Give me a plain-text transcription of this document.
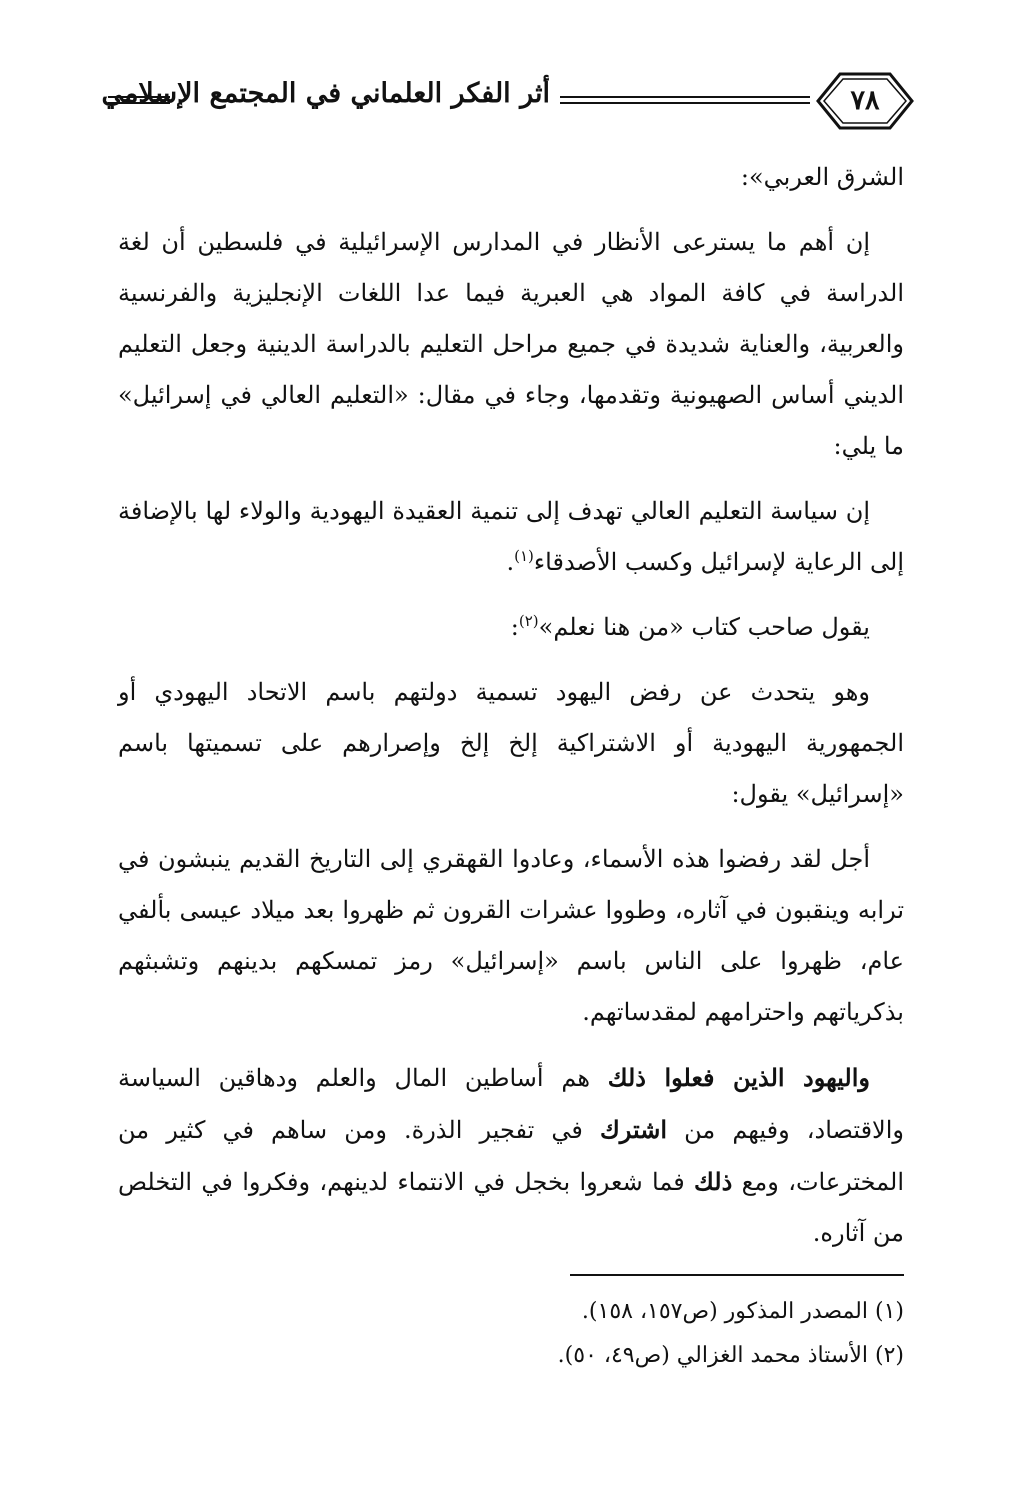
أثر الفكر العلماني في المجتمع الإسلامي	٧٨

الشرق العربي»:

إن أهم ما يسترعى الأنظار في المدارس الإسرائيلية في فلسطين أن لغة الدراسة في كافة المواد هي العبرية فيما عدا اللغات الإنجليزية والفرنسية والعربية، والعناية شديدة في جميع مراحل التعليم بالدراسة الدينية وجعل التعليم الديني أساس الصهيونية وتقدمها، وجاء في مقال: «التعليم العالي في إسرائيل» ما يلي:

إن سياسة التعليم العالي تهدف إلى تنمية العقيدة اليهودية والولاء لها بالإضافة إلى الرعاية لإسرائيل وكسب الأصدقاء$^{(١)}$.

يقول صاحب كتاب «من هنا نعلم»$^{(٢)}$:

وهو يتحدث عن رفض اليهود تسمية دولتهم باسم الاتحاد اليهودي أو الجمهورية اليهودية أو الاشتراكية إلخ إلخ وإصرارهم على تسميتها باسم «إسرائيل» يقول:

أجل لقد رفضوا هذه الأسماء، وعادوا القهقري إلى التاريخ القديم ينبشون في ترابه وينقبون في آثاره، وطووا عشرات القرون ثم ظهروا بعد ميلاد عيسى بألفي عام، ظهروا على الناس باسم «إسرائيل» رمز تمسكهم بدينهم وتشبثهم بذكرياتهم واحترامهم لمقدساتهم.

واليهود الذين فعلوا ذلك هم أساطين المال والعلم ودهاقين السياسة والاقتصاد، وفيهم من اشترك في تفجير الذرة. ومن ساهم في كثير من المخترعات، ومع ذلك فما شعروا بخجل في الانتماء لدينهم، وفكروا في التخلص من آثاره.

(١) المصدر المذكور (ص١٥٧، ١٥٨).
(٢) الأستاذ محمد الغزالي (ص٤٩، ٥٠).
